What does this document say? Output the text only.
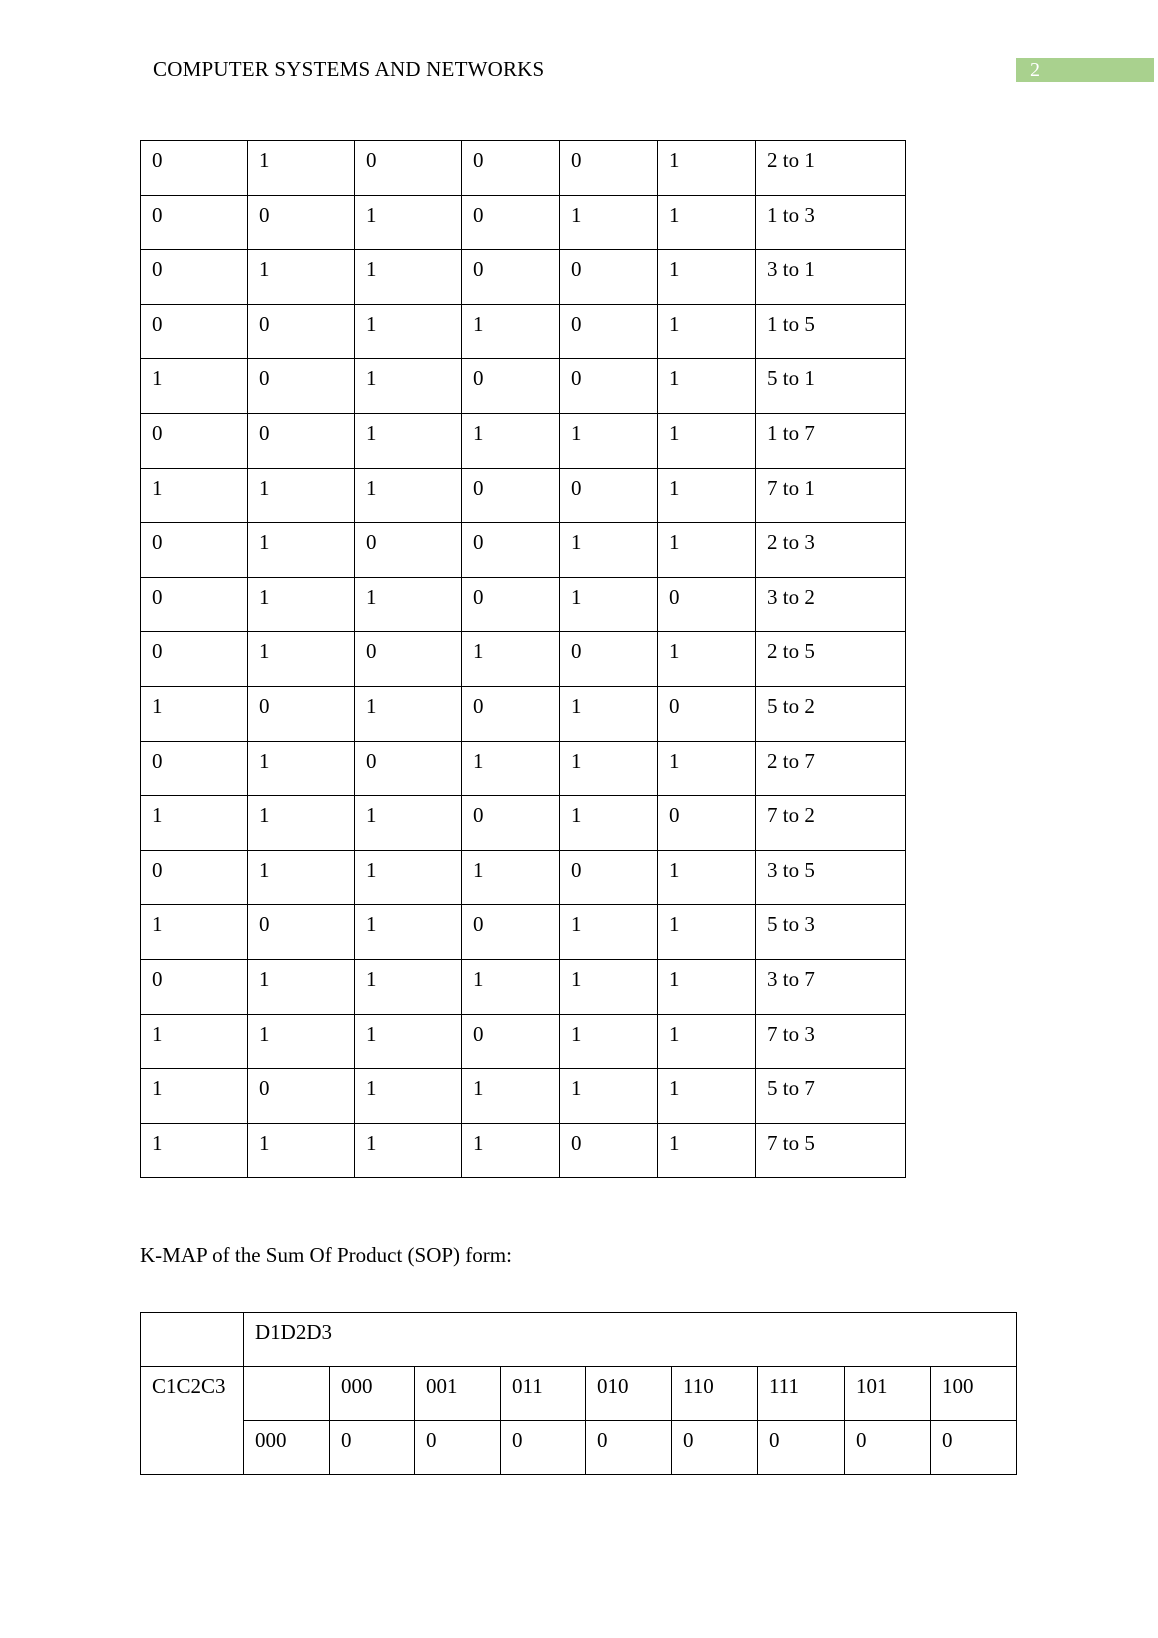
COMPUTER SYSTEMS AND NETWORKS	2
0	1	0	0	0	1	2 to 1
0	0	1	0	1	1	1 to 3
0	1	1	0	0	1	3 to 1
0	0	1	1	0	1	1 to 5
1	0	1	0	0	1	5 to 1
0	0	1	1	1	1	1 to 7
1	1	1	0	0	1	7 to 1
0	1	0	0	1	1	2 to 3
0	1	1	0	1	0	3 to 2
0	1	0	1	0	1	2 to 5
1	0	1	0	1	0	5 to 2
0	1	0	1	1	1	2 to 7
1	1	1	0	1	0	7 to 2
0	1	1	1	0	1	3 to 5
1	0	1	0	1	1	5 to 3
0	1	1	1	1	1	3 to 7
1	1	1	0	1	1	7 to 3
1	0	1	1	1	1	5 to 7
1	1	1	1	0	1	7 to 5
K-MAP of the Sum Of Product (SOP) form:
	D1D2D3								
C1C2C3		000	001	011	010	110	111	101	100
	000	0	0	0	0	0	0	0	0
